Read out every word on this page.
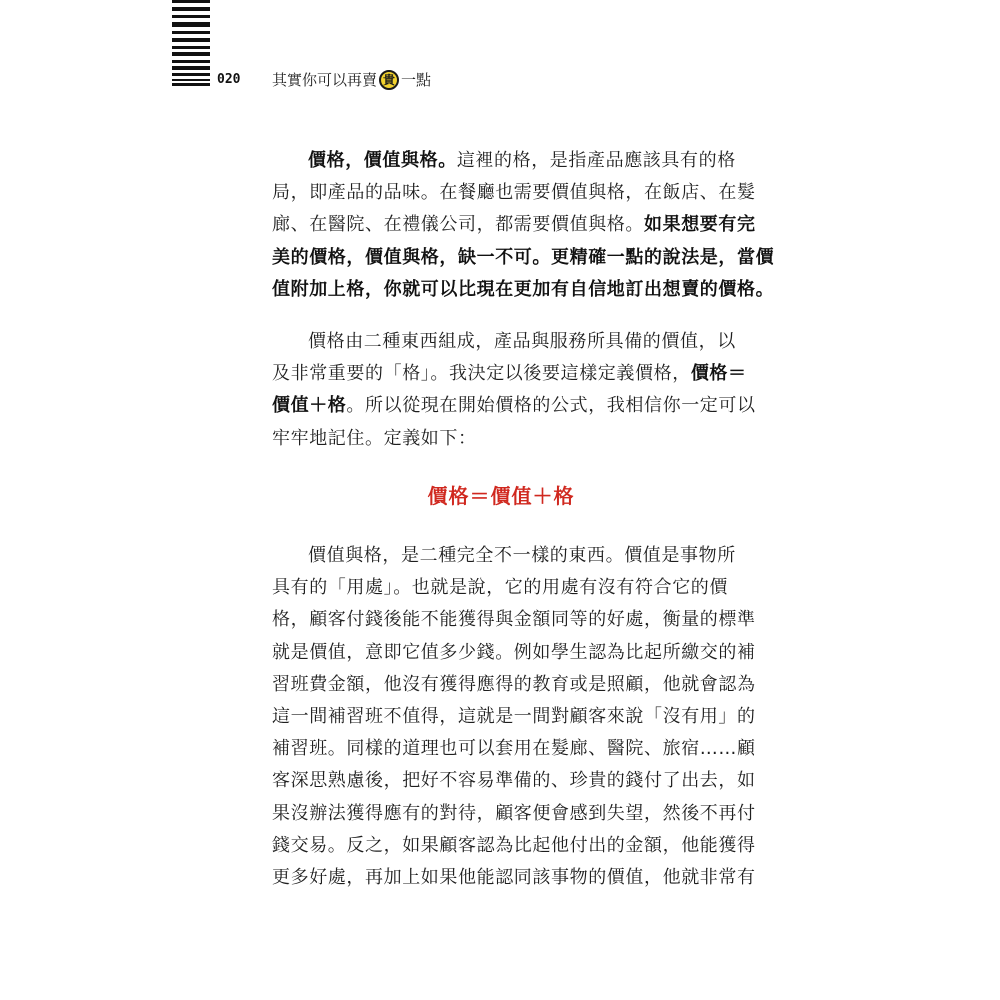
020 其實你可以再賣 貴 一點
價格，價值與格。這裡的格，是指產品應該具有的格
局，即產品的品味。在餐廳也需要價值與格，在飯店、在髮
廊、在醫院、在禮儀公司，都需要價值與格。如果想要有完
美的價格，價值與格，缺一不可。更精確一點的說法是，當價
值附加上格，你就可以比現在更加有自信地訂出想賣的價格。
價格由二種東西組成，產品與服務所具備的價值，以
及非常重要的「格」。我決定以後要這樣定義價格，價格＝
價值＋格。所以從現在開始價格的公式，我相信你一定可以
牢牢地記住。定義如下：
價格＝價值＋格
價值與格，是二種完全不一樣的東西。價值是事物所
具有的「用處」。也就是說，它的用處有沒有符合它的價
格，顧客付錢後能不能獲得與金額同等的好處，衡量的標準
就是價值，意即它值多少錢。例如學生認為比起所繳交的補
習班費金額，他沒有獲得應得的教育或是照顧，他就會認為
這一間補習班不值得，這就是一間對顧客來說「沒有用」的
補習班。同樣的道理也可以套用在髮廊、醫院、旅宿……顧
客深思熟慮後，把好不容易準備的、珍貴的錢付了出去，如
果沒辦法獲得應有的對待，顧客便會感到失望，然後不再付
錢交易。反之，如果顧客認為比起他付出的金額，他能獲得
更多好處，再加上如果他能認同該事物的價值，他就非常有
